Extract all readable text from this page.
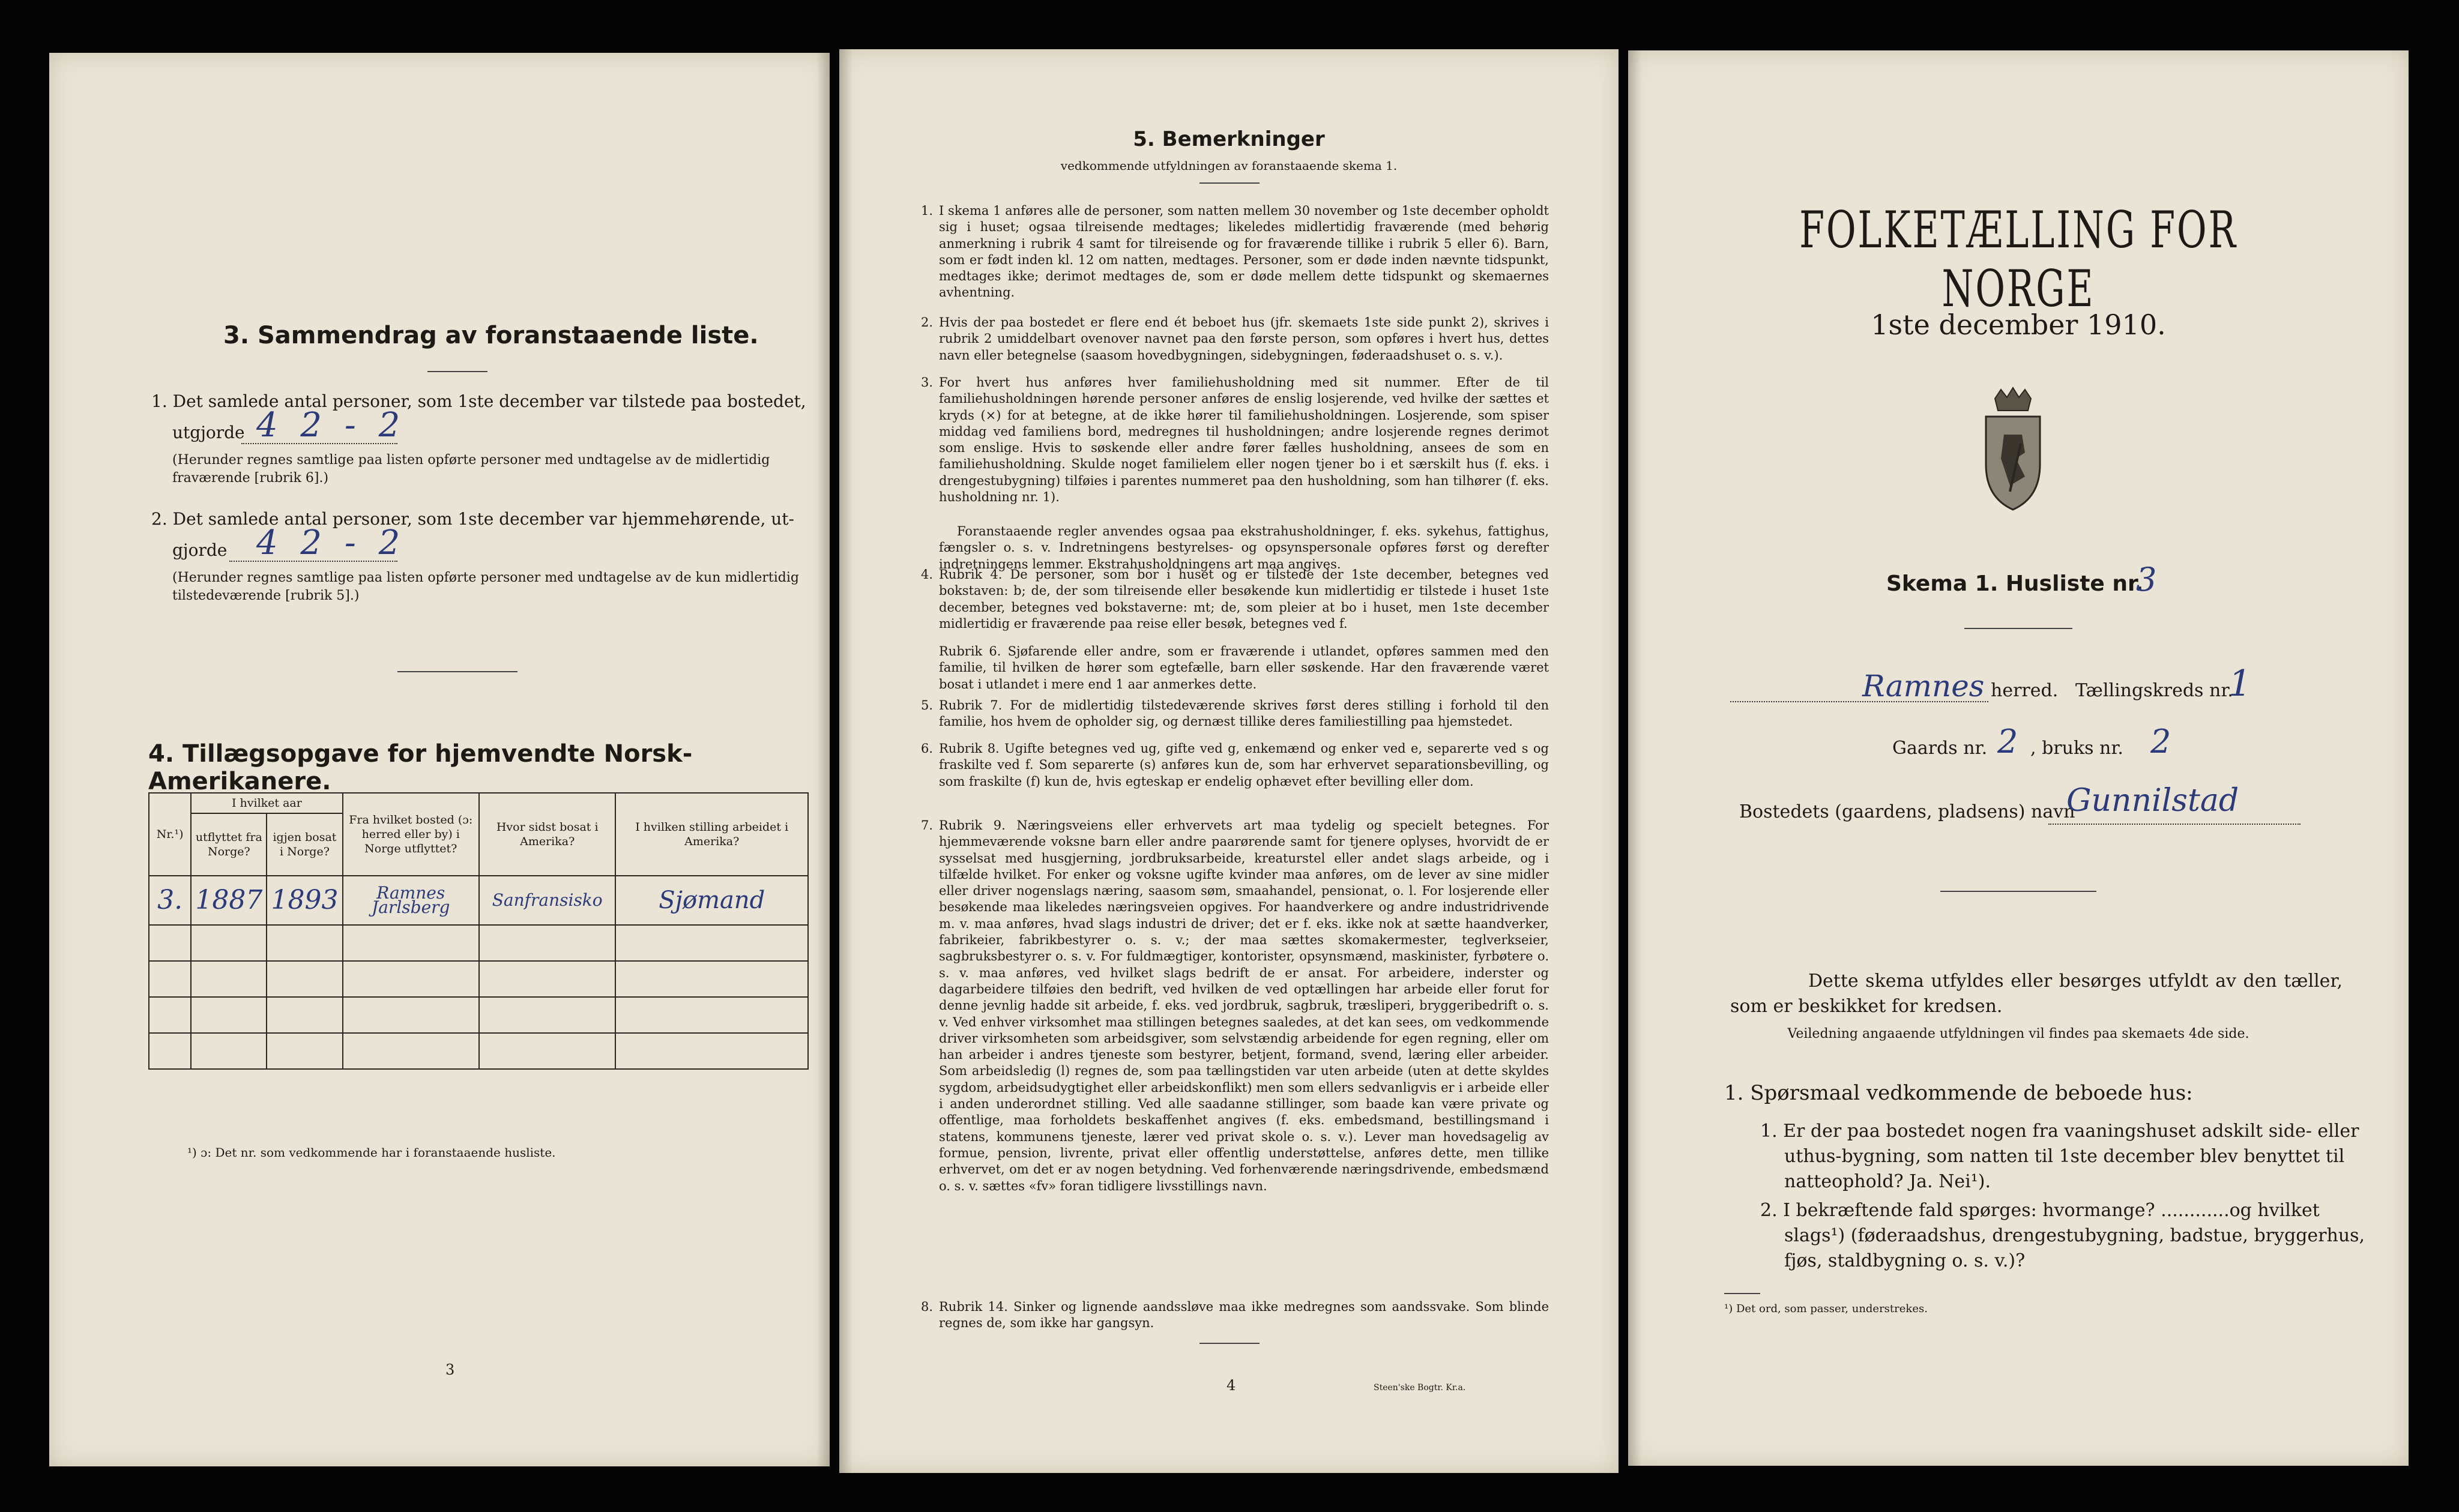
3. Sammendrag av foranstaaende liste.
1. Det samlede antal personer, som 1ste december var tilstede paa bostedet,
utgjorde 4 2 - 2
(Herunder regnes samtlige paa listen opførte personer med undtagelse av de midlertidig fraværende [rubrik 6].)
2. Det samlede antal personer, som 1ste december var hjemmehørende, ut-
gjorde 4 2 - 2
(Herunder regnes samtlige paa listen opførte personer med undtagelse av de kun midlertidig tilstedeværende [rubrik 5].)
4. Tillægsopgave for hjemvendte Norsk-Amerikanere.
Nr.¹)	I hvilket aar		Fra hvilket bosted (ɔ: herred eller by) i Norge utflyttet?	Hvor sidst bosat i Amerika?	I hvilken stilling arbeidet i Amerika?
	utflyttet fra Norge?	igjen bosat i Norge?			
3.	1887	1893	Ramnes Jarlsberg	Sanfransisko	Sjømand

¹) ɔ: Det nr. som vedkommende har i foranstaaende husliste.
3
5. Bemerkninger
vedkommende utfyldningen av foranstaaende skema 1.
1. I skema 1 anføres alle de personer, som natten mellem 30 november og 1ste december opholdt sig i huset; ogsaa tilreisende medtages; likeledes midlertidig fraværende (med behørig anmerkning i rubrik 4 samt for tilreisende og for fraværende tillike i rubrik 5 eller 6). Barn, som er født inden kl. 12 om natten, medtages. Personer, som er døde inden nævnte tidspunkt, medtages ikke; derimot medtages de, som er døde mellem dette tidspunkt og skemaernes avhentning.
2. Hvis der paa bostedet er flere end ét beboet hus (jfr. skemaets 1ste side punkt 2), skrives i rubrik 2 umiddelbart ovenover navnet paa den første person, som opføres i hvert hus, dettes navn eller betegnelse (saasom hovedbygningen, sidebygningen, føderaadshuset o. s. v.).
3. For hvert hus anføres hver familiehusholdning med sit nummer. Efter de til familiehusholdningen hørende personer anføres de enslig losjerende, ved hvilke der sættes et kryds (×) for at betegne, at de ikke hører til familiehusholdningen. Losjerende, som spiser middag ved familiens bord, medregnes til husholdningen; andre losjerende regnes derimot som enslige. Hvis to søskende eller andre fører fælles husholdning, ansees de som en familiehusholdning. Skulde noget familielem eller nogen tjener bo i et særskilt hus (f. eks. i drengestubygning) tilføies i parentes nummeret paa den husholdning, som han tilhører (f. eks. husholdning nr. 1).
Foranstaaende regler anvendes ogsaa paa ekstrahusholdninger, f. eks. sykehus, fattighus, fængsler o. s. v. Indretningens bestyrelses- og opsynspersonale opføres først og derefter indretningens lemmer. Ekstrahusholdningens art maa angives.
4. Rubrik 4. De personer, som bor i huset og er tilstede der 1ste december, betegnes ved bokstaven: b; de, der som tilreisende eller besøkende kun midlertidig er tilstede i huset 1ste december, betegnes ved bokstaverne: mt; de, som pleier at bo i huset, men 1ste december midlertidig er fraværende paa reise eller besøk, betegnes ved f.
Rubrik 6. Sjøfarende eller andre, som er fraværende i utlandet, opføres sammen med den familie, til hvilken de hører som egtefælle, barn eller søskende. Har den fraværende været bosat i utlandet i mere end 1 aar anmerkes dette.
5. Rubrik 7. For de midlertidig tilstedeværende skrives først deres stilling i forhold til den familie, hos hvem de opholder sig, og dernæst tillike deres familiestilling paa hjemstedet.
6. Rubrik 8. Ugifte betegnes ved ug, gifte ved g, enkemænd og enker ved e, separerte ved s og fraskilte ved f. Som separerte (s) anføres kun de, som har erhvervet separationsbevilling, og som fraskilte (f) kun de, hvis egteskap er endelig ophævet efter bevilling eller dom.
7. Rubrik 9. Næringsveiens eller erhvervets art maa tydelig og specielt betegnes. For hjemmeværende voksne barn eller andre paarørende samt for tjenere oplyses, hvorvidt de er sysselsat med husgjerning, jordbruksarbeide, kreaturstel eller andet slags arbeide, og i tilfælde hvilket. For enker og voksne ugifte kvinder maa anføres, om de lever av sine midler eller driver nogenslags næring, saasom søm, smaahandel, pensionat, o. l. For losjerende eller besøkende maa likeledes næringsveien opgives. For haandverkere og andre industridrivende m. v. maa anføres, hvad slags industri de driver; det er f. eks. ikke nok at sætte haandverker, fabrikeier, fabrikbestyrer o. s. v.; der maa sættes skomakermester, teglverkseier, sagbruksbestyrer o. s. v. For fuldmægtiger, kontorister, opsynsmænd, maskinister, fyrbøtere o. s. v. maa anføres, ved hvilket slags bedrift de er ansat. For arbeidere, inderster og dagarbeidere tilføies den bedrift, ved hvilken de ved optællingen har arbeide eller forut for denne jevnlig hadde sit arbeide, f. eks. ved jordbruk, sagbruk, træsliperi, bryggeribedrift o. s. v. Ved enhver virksomhet maa stillingen betegnes saaledes, at det kan sees, om vedkommende driver virksomheten som arbeidsgiver, som selvstændig arbeidende for egen regning, eller om han arbeider i andres tjeneste som bestyrer, betjent, formand, svend, læring eller arbeider. Som arbeidsledig (l) regnes de, som paa tællingstiden var uten arbeide (uten at dette skyldes sygdom, arbeidsudygtighet eller arbeidskonflikt) men som ellers sedvanligvis er i arbeide eller i anden underordnet stilling. Ved alle saadanne stillinger, som baade kan være private og offentlige, maa forholdets beskaffenhet angives (f. eks. embedsmand, bestillingsmand i statens, kommunens tjeneste, lærer ved privat skole o. s. v.). Lever man hovedsagelig av formue, pension, livrente, privat eller offentlig understøttelse, anføres dette, men tillike erhvervet, om det er av nogen betydning. Ved forhenværende næringsdrivende, embedsmænd o. s. v. sættes «fv» foran tidligere livsstillings navn.
8. Rubrik 14. Sinker og lignende aandssløve maa ikke medregnes som aandssvake. Som blinde regnes de, som ikke har gangsyn.
4	Steen'ske Bogtr. Kr.a.
FOLKETÆLLING FOR NORGE
1ste december 1910.
Skema 1. Husliste nr.
3
Ramnes herred. Tællingskreds nr.
1
Gaards nr. 2 , bruks nr. 2
Bostedets (gaardens, pladsens) navn
Gunnilstad
Dette skema utfyldes eller besørges utfyldt av den tæller, som er beskikket for kredsen.
Veiledning angaaende utfyldningen vil findes paa skemaets 4de side.
1. Spørsmaal vedkommende de beboede hus:
1. Er der paa bostedet nogen fra vaaningshuset adskilt side- eller uthus-bygning, som natten til 1ste december blev benyttet til natteophold? Ja. Nei¹).
2. I bekræftende fald spørges: hvormange? ............og hvilket slags¹) (føderaadshus, drengestubygning, badstue, bryggerhus, fjøs, staldbygning o. s. v.)?
¹) Det ord, som passer, understrekes.
